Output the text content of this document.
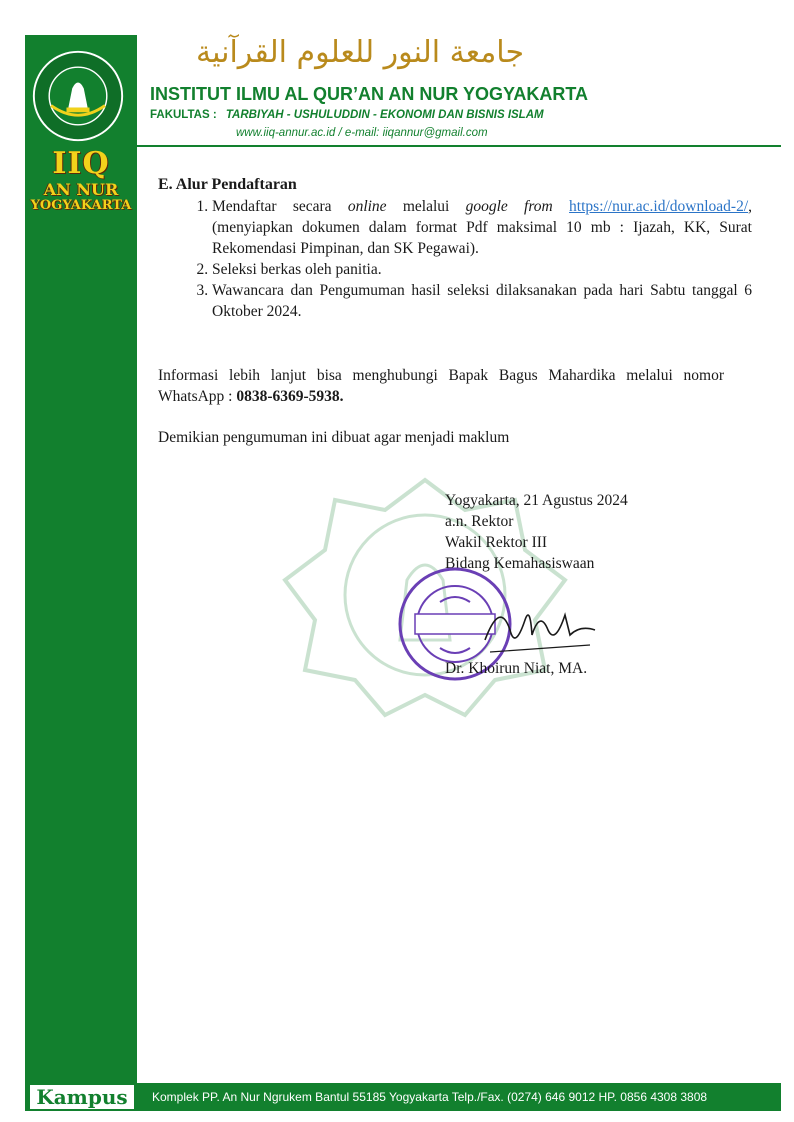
IIQ
AN NUR
YOGYAKARTA
جامعة النور للعلوم القرآنية
INSTITUT ILMU AL QUR’AN AN NUR YOGYAKARTA
FAKULTAS : TARBIYAH - USHULUDDIN - EKONOMI DAN BISNIS ISLAM
www.iiq-annur.ac.id / e-mail: iiqannur@gmail.com
E. Alur Pendaftaran
1. Mendaftar secara online melalui google from https://nur.ac.id/download-2/, (menyiapkan dokumen dalam format Pdf maksimal 10 mb : Ijazah, KK, Surat Rekomendasi Pimpinan, dan SK Pegawai).
2. Seleksi berkas oleh panitia.
3. Wawancara dan Pengumuman hasil seleksi dilaksanakan pada hari Sabtu tanggal 6 Oktober 2024.
Informasi lebih lanjut bisa menghubungi Bapak Bagus Mahardika melalui nomor WhatsApp : 0838-6369-5938.
Demikian pengumuman ini dibuat agar menjadi maklum
Yogyakarta, 21 Agustus 2024
a.n. Rektor
Wakil Rektor III
Bidang Kemahasiswaan
Dr. Khoirun Niat, MA.
Kampus	Komplek PP. An Nur Ngrukem Bantul 55185 Yogyakarta Telp./Fax. (0274) 646 9012 HP. 0856 4308 3808
